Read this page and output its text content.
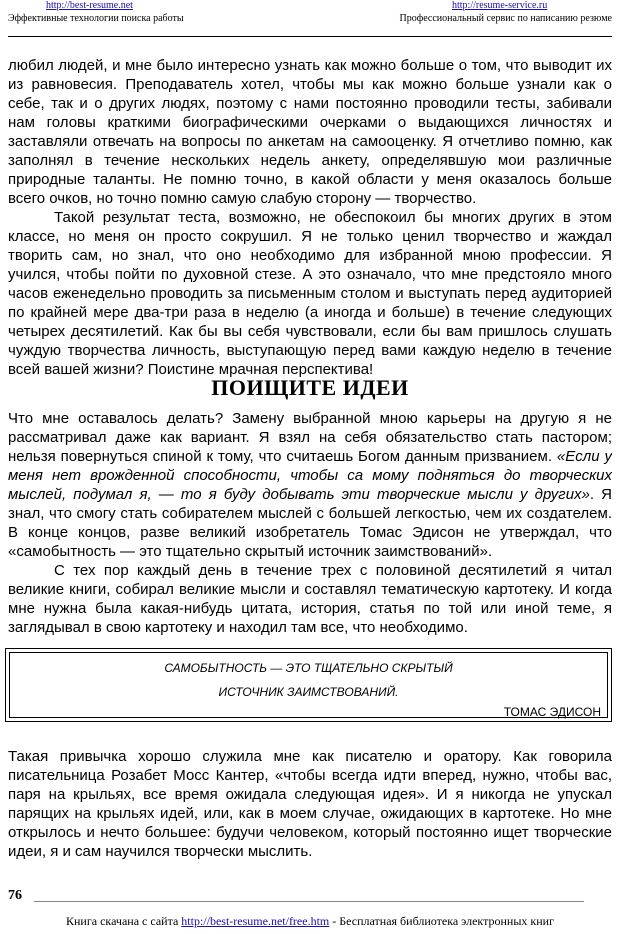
http://best-resume.net	http://resume-service.ru
Эффективные технологии поиска работы	Профессиональный сервис по написанию резюме
любил людей, и мне было интересно узнать как можно больше о том, что выводит их
из равновесия. Преподаватель хотел, чтобы мы как можно больше узнали как о
себе, так и о других людях, поэтому с нами постоянно проводили тесты, забивали
нам головы краткими биографическими очерками о выдающихся личностях и
заставляли отвечать на вопросы по анкетам на самооценку. Я отчетливо помню, как
заполнял в течение нескольких недель анкету, определявшую мои различные
природные таланты. Не помню точно, в какой области у меня оказалось больше
всего очков, но точно помню самую слабую сторону — творчество.
Такой результат теста, возможно, не обеспокоил бы многих других в этом
классе, но меня он просто сокрушил. Я не только ценил творчество и жаждал
творить сам, но знал, что оно необходимо для избранной мною профессии. Я
учился, чтобы пойти по духовной стезе. А это означало, что мне предстояло много
часов еженедельно проводить за письменным столом и выступать перед аудиторией
по крайней мере два-три раза в неделю (а иногда и больше) в течение следующих
четырех десятилетий. Как бы вы себя чувствовали, если бы вам пришлось слушать
чуждую творчества личность, выступающую перед вами каждую неделю в течение
всей вашей жизни? Поистине мрачная перспектива!
ПОИЩИТЕ ИДЕИ
Что мне оставалось делать? Замену выбранной мною карьеры на другую я не
рассматривал даже как вариант. Я взял на себя обязательство стать пастором;
нельзя повернуться спиной к тому, что считаешь Богом данным призванием. «Если у
меня нет врожденной способности, чтобы са мому подняться до творческих
мыслей, подумал я, — то я буду добывать эти творческие мысли у других». Я
знал, что смогу стать собирателем мыслей с большей легкостью, чем их создателем.
В конце концов, разве великий изобретатель Томас Эдисон не утверждал, что
«самобытность — это тщательно скрытый источник заимствований».
С тех пор каждый день в течение трех с половиной десятилетий я читал
великие книги, собирал великие мысли и составлял тематическую картотеку. И когда
мне нужна была какая-нибудь цитата, история, статья по той или иной теме, я
заглядывал в свою картотеку и находил там все, что необходимо.
САМОБЫТНОСТЬ — ЭТО ТЩАТЕЛЬНО СКРЫТЫЙ
ИСТОЧНИК ЗАИМСТВОВАНИЙ.
ТОМАС ЭДИСОН
Такая привычка хорошо служила мне как писателю и оратору. Как говорила
писательница Розабет Мосс Кантер, «чтобы всегда идти вперед, нужно, чтобы вас,
паря на крыльях, все время ожидала следующая идея». И я никогда не упускал
парящих на крыльях идей, или, как в моем случае, ожидающих в картотеке. Но мне
открылось и нечто большее: будучи человеком, который постоянно ищет творческие
идеи, я и сам научился творчески мыслить.
76
Книга скачана с сайта http://best-resume.net/free.htm - Бесплатная библиотека электронных книг
